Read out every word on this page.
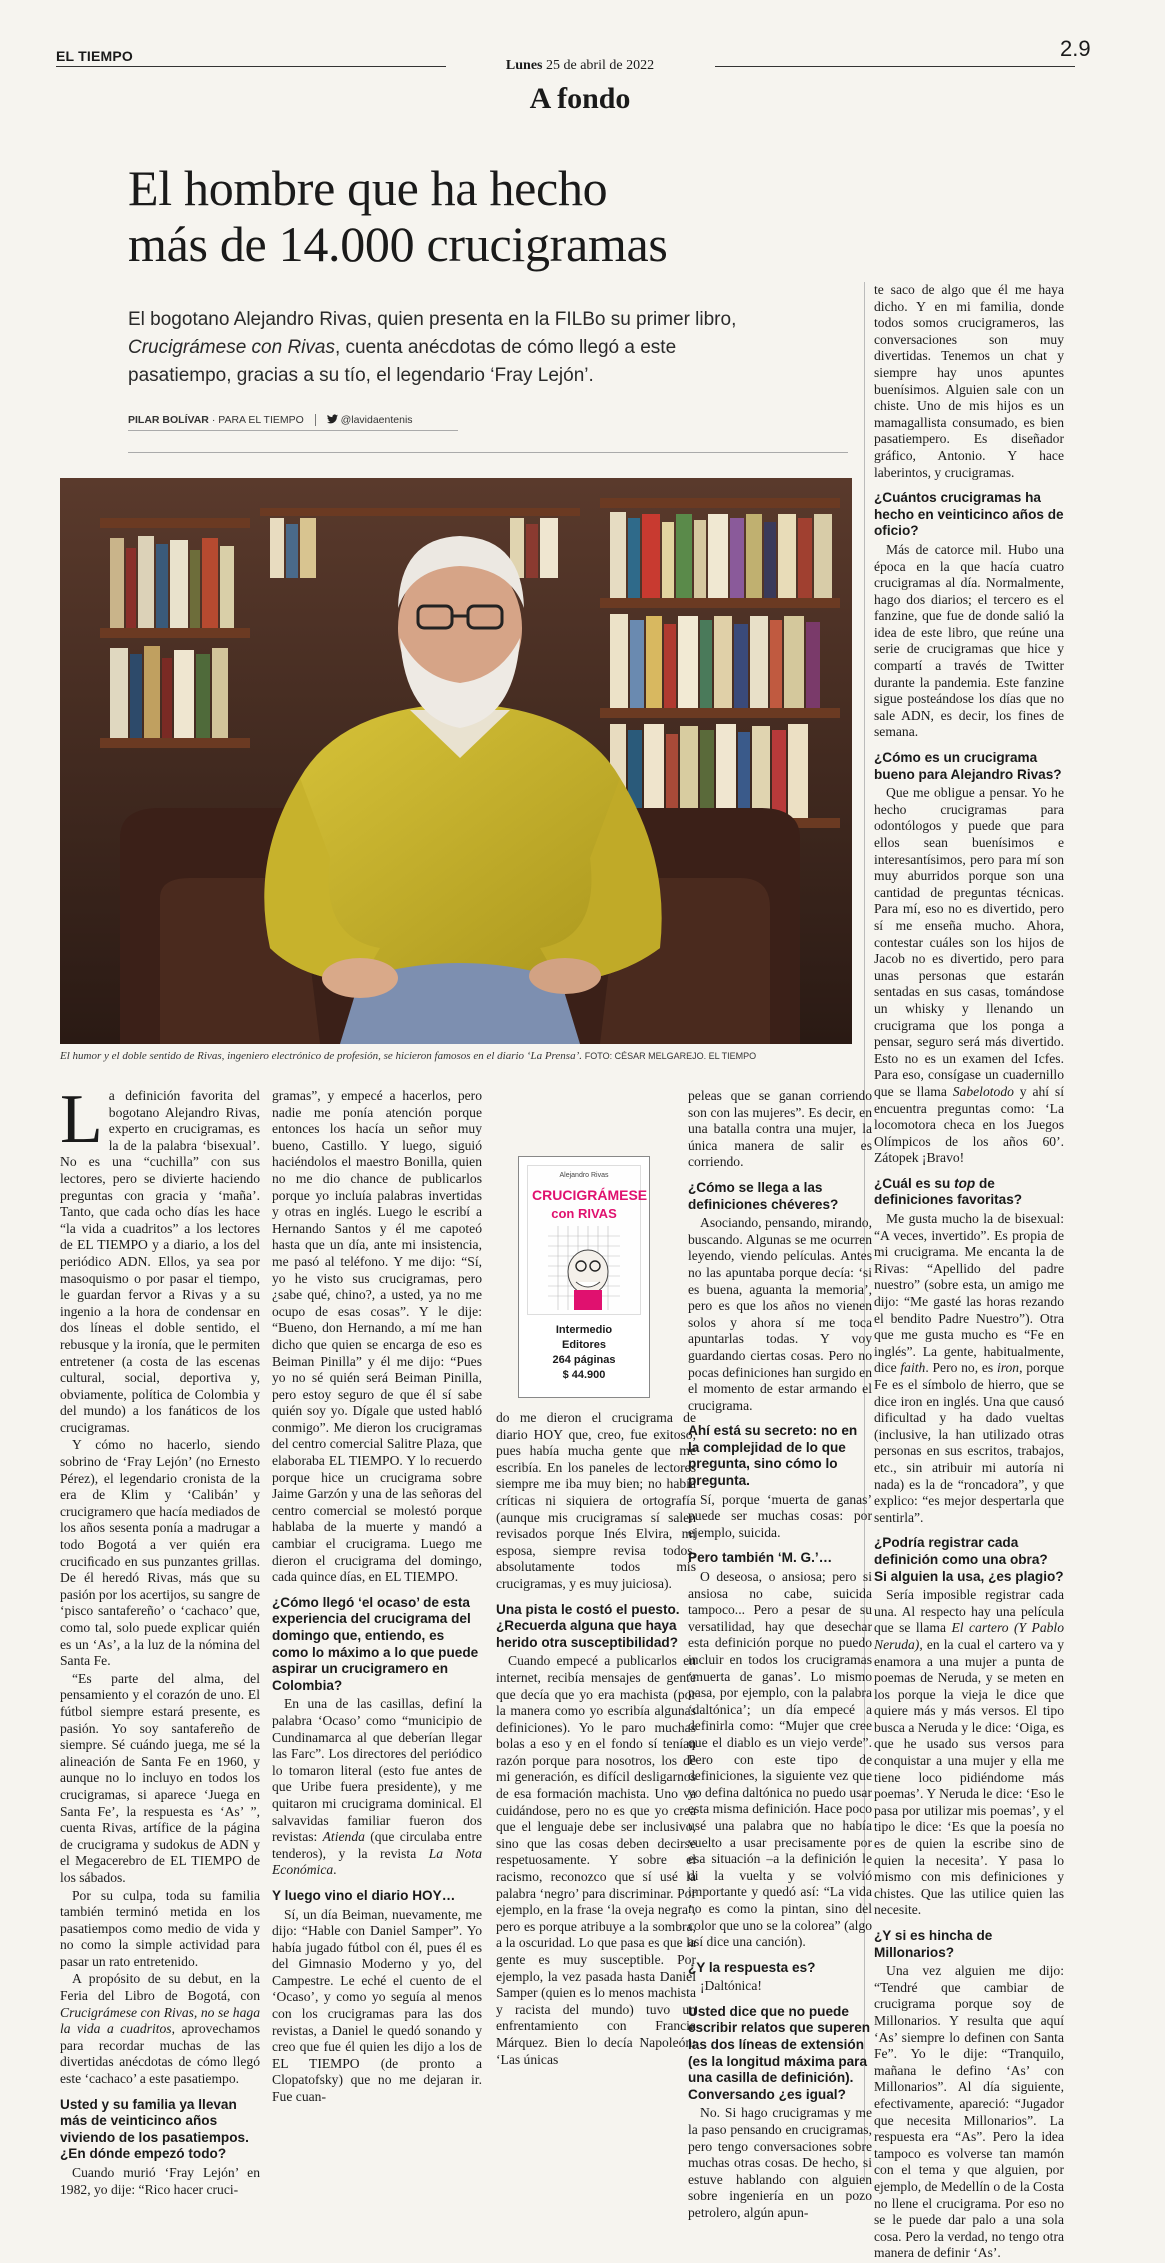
EL TIEMPO
Lunes 25 de abril de 2022
2.9
A fondo
El hombre que ha hecho
más de 14.000 crucigramas
El bogotano Alejandro Rivas, quien presenta en la FILBo su primer libro, Crucigrámese con Rivas, cuenta anécdotas de cómo llegó a este pasatiempo, gracias a su tío, el legendario ‘Fray Lejón’.
PILAR BOLÍVAR · PARA EL TIEMPO	@lavidaentenis
El humor y el doble sentido de Rivas, ingeniero electrónico de profesión, se hicieron famosos en el diario ‘La Prensa’. FOTO: CÉSAR MELGAREJO. EL TIEMPO

te saco de algo que él me haya dicho. Y en mi familia, donde todos somos crucigrameros, las conversaciones son muy divertidas. Tenemos un chat y siempre hay unos apuntes buenísimos. Alguien sale con un chiste. Uno de mis hijos es un mamagallista consumado, es bien pasatiempero. Es diseñador gráfico, Antonio. Y hace laberintos, y crucigramas.

¿Cuántos crucigramas ha hecho en veinticinco años de oficio?

Más de catorce mil. Hubo una época en la que hacía cuatro crucigramas al día. Normalmente, hago dos diarios; el tercero es el fanzine, que fue de donde salió la idea de este libro, que reúne una serie de crucigramas que hice y compartí a través de Twitter durante la pandemia. Este fanzine sigue posteándose los días que no sale ADN, es decir, los fines de semana.

¿Cómo es un crucigrama bueno para Alejandro Rivas?

Que me obligue a pensar. Yo he hecho crucigramas para odontólogos y puede que para ellos sean buenísimos e interesantísimos, pero para mí son muy aburridos porque son una cantidad de preguntas técnicas. Para mí, eso no es divertido, pero sí me enseña mucho. Ahora, contestar cuáles son los hijos de Jacob no es divertido, pero para unas personas que estarán sentadas en sus casas, tomándose un whisky y llenando un crucigrama que los ponga a pensar, seguro será más divertido. Esto no es un examen del Icfes. Para eso, consígase un cuadernillo que se llama Sabelotodo y ahí sí encuentra preguntas como: ‘La locomotora checa en los Juegos Olímpicos de los años 60’. Zátopek ¡Bravo!

¿Cuál es su top de definiciones favoritas?

Me gusta mucho la de bisexual: “A veces, invertido”. Es propia de mi crucigrama. Me encanta la de Rivas: “Apellido del padre nuestro” (sobre esta, un amigo me dijo: “Me gasté las horas rezando el bendito Padre Nuestro”). Otra que me gusta mucho es “Fe en inglés”. La gente, habitualmente, dice faith. Pero no, es iron, porque Fe es el símbolo de hierro, que se dice iron en inglés. Una que causó dificultad y ha dado vueltas (inclusive, la han utilizado otras personas en sus escritos, trabajos, etc., sin atribuir mi autoría ni nada) es la de “roncadora”, y que explico: “es mejor despertarla que sentirla”.

¿Podría registrar cada definición como una obra? Si alguien la usa, ¿es plagio?

Sería imposible registrar cada una. Al respecto hay una película que se llama El cartero (Y Pablo Neruda), en la cual el cartero va y enamora a una mujer a punta de poemas de Neruda, y se meten en los porque la vieja le dice que quiere más y más versos. El tipo busca a Neruda y le dice: ‘Oiga, es que he usado sus versos para conquistar a una mujer y ella me tiene loco pidiéndome más poemas’. Y Neruda le dice: ‘Eso le pasa por utilizar mis poemas’, y el tipo le dice: ‘Es que la poesía no es de quien la escribe sino de quien la necesita’. Y pasa lo mismo con mis definiciones y chistes. Que las utilice quien las necesite.

¿Y si es hincha de Millonarios?

Una vez alguien me dijo: “Tendré que cambiar de crucigrama porque soy de Millonarios. Y resulta que aquí ‘As’ siempre lo definen con Santa Fe”. Yo le dije: “Tranquilo, mañana le defino ‘As’ con Millonarios”. Al día siguiente, efectivamente, apareció: “Jugador que necesita Millonarios”. La respuesta era “As”. Pero la idea tampoco es volverse tan mamón con el tema y que alguien, por ejemplo, de Medellín o de la Costa no llene el crucigrama. Por eso no se le puede dar palo a una sola cosa. Pero la verdad, no tengo otra manera de definir ‘As’.

La definición favorita del bogotano Alejandro Rivas, experto en crucigramas, es la de la palabra ‘bisexual’. No es una “cuchilla” con sus lectores, pero se divierte haciendo preguntas con gracia y ‘maña’. Tanto, que cada ocho días les hace “la vida a cuadritos” a los lectores de EL TIEMPO y a diario, a los del periódico ADN. Ellos, ya sea por masoquismo o por pasar el tiempo, le guardan fervor a Rivas y a su ingenio a la hora de condensar en dos líneas el doble sentido, el rebusque y la ironía, que le permiten entretener (a costa de las escenas cultural, social, deportiva y, obviamente, política de Colombia y del mundo) a los fanáticos de los crucigramas.

Y cómo no hacerlo, siendo sobrino de ‘Fray Lejón’ (no Ernesto Pérez), el legendario cronista de la era de Klim y ‘Calibán’ y crucigramero que hacía mediados de los años sesenta ponía a madrugar a todo Bogotá a ver quién era cruciﬁcado en sus punzantes grillas. De él heredó Rivas, más que su pasión por los acertijos, su sangre de ‘pisco santafereño’ o ‘cachaco’ que, como tal, solo puede explicar quién es un ‘As’, a la luz de la nómina del Santa Fe.

“Es parte del alma, del pensamiento y el corazón de uno. El fútbol siempre estará presente, es pasión. Yo soy santafereño de siempre. Sé cuándo juega, me sé la alineación de Santa Fe en 1960, y aunque no lo incluyo en todos los crucigramas, si aparece ‘Juega en Santa Fe’, la respuesta es ‘As’ ”, cuenta Rivas, artífice de la página de crucigrama y sudokus de ADN y el Megacerebro de EL TIEMPO de los sábados.

Por su culpa, toda su familia también terminó metida en los pasatiempos como medio de vida y no como la simple actividad para pasar un rato entretenido.

A propósito de su debut, en la Feria del Libro de Bogotá, con Crucigrámese con Rivas, no se haga la vida a cuadritos, aprovechamos para recordar muchas de las divertidas anécdotas de cómo llegó este ‘cachaco’ a este pasatiempo.

Usted y su familia ya llevan más de veinticinco años viviendo de los pasatiempos. ¿En dónde empezó todo?

Cuando murió ‘Fray Lejón’ en 1982, yo dije: “Rico hacer cruci-

gramas”, y empecé a hacerlos, pero nadie me ponía atención porque entonces los hacía un señor muy bueno, Castillo. Y luego, siguió haciéndolos el maestro Bonilla, quien no me dio chance de publicarlos porque yo incluía palabras invertidas y otras en inglés. Luego le escribí a Hernando Santos y él me capoteó hasta que un día, ante mi insistencia, me pasó al teléfono. Y me dijo: “Sí, yo he visto sus crucigramas, pero ¿sabe qué, chino?, a usted, ya no me ocupo de esas cosas”. Y le dije: “Bueno, don Hernando, a mí me han dicho que quien se encarga de eso es Beiman Pinilla” y él me dijo: “Pues yo no sé quién será Beiman Pinilla, pero estoy seguro de que él sí sabe quién soy yo. Dígale que usted habló conmigo”. Me dieron los crucigramas del centro comercial Salitre Plaza, que elaboraba EL TIEMPO. Y lo recuerdo porque hice un crucigrama sobre Jaime Garzón y una de las señoras del centro comercial se molestó porque hablaba de la muerte y mandó a cambiar el crucigrama. Luego me dieron el crucigrama del domingo, cada quince días, en EL TIEMPO.

¿Cómo llegó ‘el ocaso’ de esta experiencia del crucigrama del domingo que, entiendo, es como lo máximo a lo que puede aspirar un crucigramero en Colombia?

En una de las casillas, definí la palabra ‘Ocaso’ como “municipio de Cundinamarca al que deberían llegar las Farc”. Los directores del periódico lo tomaron literal (esto fue antes de que Uribe fuera presidente), y me quitaron mi crucigrama dominical. El salvavidas familiar fueron dos revistas: Atienda (que circulaba entre tenderos), y la revista La Nota Económica.

Y luego vino el diario HOY…

Sí, un día Beiman, nuevamente, me dijo: “Hable con Daniel Samper”. Yo había jugado fútbol con él, pues él es del Gimnasio Moderno y yo, del Campestre. Le eché el cuento de el ‘Ocaso’, y como yo seguía al menos con los crucigramas para las dos revistas, a Daniel le quedó sonando y creo que fue él quien les dijo a los de EL TIEMPO (de pronto a Clopatofsky) que no me dejaran ir. Fue cuan-

Alejandro Rivas
CRUCIGRÁMESE
con RIVAS
Intermedio
Editores
264 páginas
$ 44.900

do me dieron el crucigrama de diario HOY que, creo, fue exitoso, pues había mucha gente que me escribía. En los paneles de lectores siempre me iba muy bien; no había críticas ni siquiera de ortografía (aunque mis crucigramas sí salen revisados porque Inés Elvira, mi esposa, siempre revisa todos, absolutamente todos mis crucigramas, y es muy juiciosa).

Una pista le costó el puesto. ¿Recuerda alguna que haya herido otra susceptibilidad?

Cuando empecé a publicarlos en internet, recibía mensajes de gente que decía que yo era machista (por la manera como yo escribía algunas definiciones). Yo le paro muchas bolas a eso y en el fondo sí tenían razón porque para nosotros, los de mi generación, es difícil desligarnos de esa formación machista. Uno va cuidándose, pero no es que yo crea que el lenguaje debe ser inclusivo, sino que las cosas deben decirse respetuosamente. Y sobre el racismo, reconozco que sí usé la palabra ‘negro’ para discriminar. Por ejemplo, en la frase ‘la oveja negra’, pero es porque atribuye a la sombra, a la oscuridad. Lo que pasa es que la gente es muy susceptible. Por ejemplo, la vez pasada hasta Daniel Samper (quien es lo menos machista y racista del mundo) tuvo un enfrentamiento con Francia Márquez. Bien lo decía Napoleón: ‘Las únicas

peleas que se ganan corriendo son con las mujeres”. Es decir, en una batalla contra una mujer, la única manera de salir es corriendo.

¿Cómo se llega a las definiciones chéveres?

Asociando, pensando, mirando, buscando. Algunas se me ocurren leyendo, viendo películas. Antes no las apuntaba porque decía: ‘si es buena, aguanta la memoria’, pero es que los años no vienen solos y ahora sí me toca apuntarlas todas. Y voy guardando ciertas cosas. Pero no pocas definiciones han surgido en el momento de estar armando el crucigrama.

Ahí está su secreto: no en la complejidad de lo que pregunta, sino cómo lo pregunta.

Sí, porque ‘muerta de ganas’ puede ser muchas cosas: por ejemplo, suicida.

Pero también ‘M. G.’…

O deseosa, o ansiosa; pero si ansiosa no cabe, suicida tampoco... Pero a pesar de su versatilidad, hay que desechar esta definición porque no puedo incluir en todos los crucigramas ‘muerta de ganas’. Lo mismo pasa, por ejemplo, con la palabra ‘daltónica’; un día empecé a definirla como: “Mujer que cree que el diablo es un viejo verde”. Pero con este tipo de definiciones, la siguiente vez que yo defina daltónica no puedo usar esta misma definición. Hace poco usé una palabra que no había vuelto a usar precisamente por esa situación –a la definición le di la vuelta y se volvió importante y quedó así: “La vida no es como la pintan, sino del color que uno se la colorea” (algo así dice una canción).

¿Y la respuesta es?

¡Daltónica!

Usted dice que no puede escribir relatos que superen las dos líneas de extensión (es la longitud máxima para una casilla de definición). Conversando ¿es igual?

No. Si hago crucigramas y me la paso pensando en crucigramas, pero tengo conversaciones sobre muchas otras cosas. De hecho, si estuve hablando con alguien sobre ingeniería en un pozo petrolero, algún apun-
